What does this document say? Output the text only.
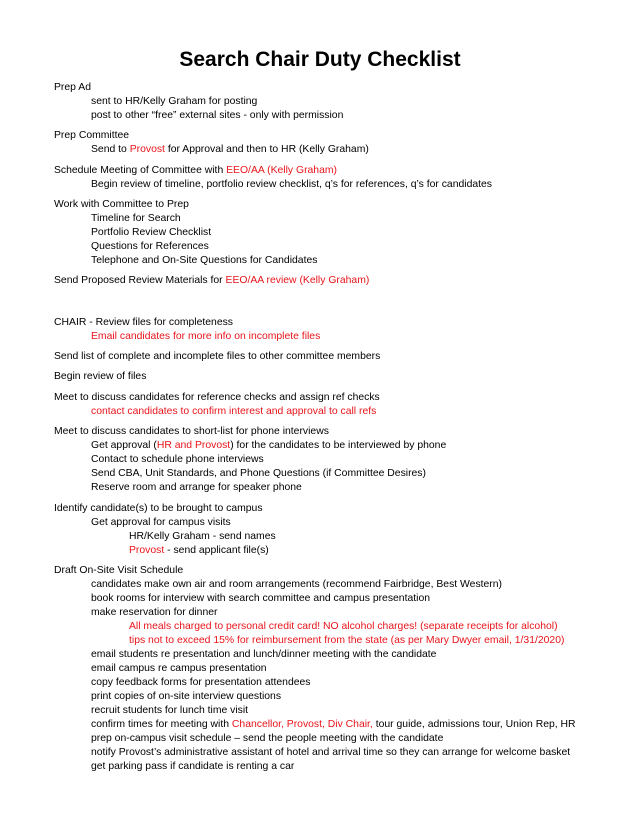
Search Chair Duty Checklist
Prep Ad
sent to HR/Kelly Graham for posting
post to other “free” external sites - only with permission
Prep Committee
Send to Provost for Approval and then to HR (Kelly Graham)
Schedule Meeting of Committee with EEO/AA (Kelly Graham)
Begin review of timeline, portfolio review checklist, q’s for references, q’s for candidates
Work with Committee to Prep
Timeline for Search
Portfolio Review Checklist
Questions for References
Telephone and On-Site Questions for Candidates
Send Proposed Review Materials for EEO/AA review (Kelly Graham)
CHAIR - Review files for completeness
Email candidates for more info on incomplete files
Send list of complete and incomplete files to other committee members
Begin review of files
Meet to discuss candidates for reference checks and assign ref checks
contact candidates to confirm interest and approval to call refs
Meet to discuss candidates to short-list for phone interviews
Get approval (HR and Provost) for the candidates to be interviewed by phone
Contact to schedule phone interviews
Send CBA, Unit Standards, and Phone Questions (if Committee Desires)
Reserve room and arrange for speaker phone
Identify candidate(s) to be brought to campus
Get approval for campus visits
HR/Kelly Graham - send names
Provost - send applicant file(s)
Draft On-Site Visit Schedule
candidates make own air and room arrangements (recommend Fairbridge, Best Western)
book rooms for interview with search committee and campus presentation
make reservation for dinner
All meals charged to personal credit card! NO alcohol charges! (separate receipts for alcohol)
tips not to exceed 15% for reimbursement from the state (as per Mary Dwyer email, 1/31/2020)
email students re presentation and lunch/dinner meeting with the candidate
email campus re campus presentation
copy feedback forms for presentation attendees
print copies of on-site interview questions
recruit students for lunch time visit
confirm times for meeting with Chancellor, Provost, Div Chair, tour guide, admissions tour, Union Rep, HR
prep on-campus visit schedule – send the people meeting with the candidate
notify Provost’s administrative assistant of hotel and arrival time so they can arrange for welcome basket
get parking pass if candidate is renting a car
